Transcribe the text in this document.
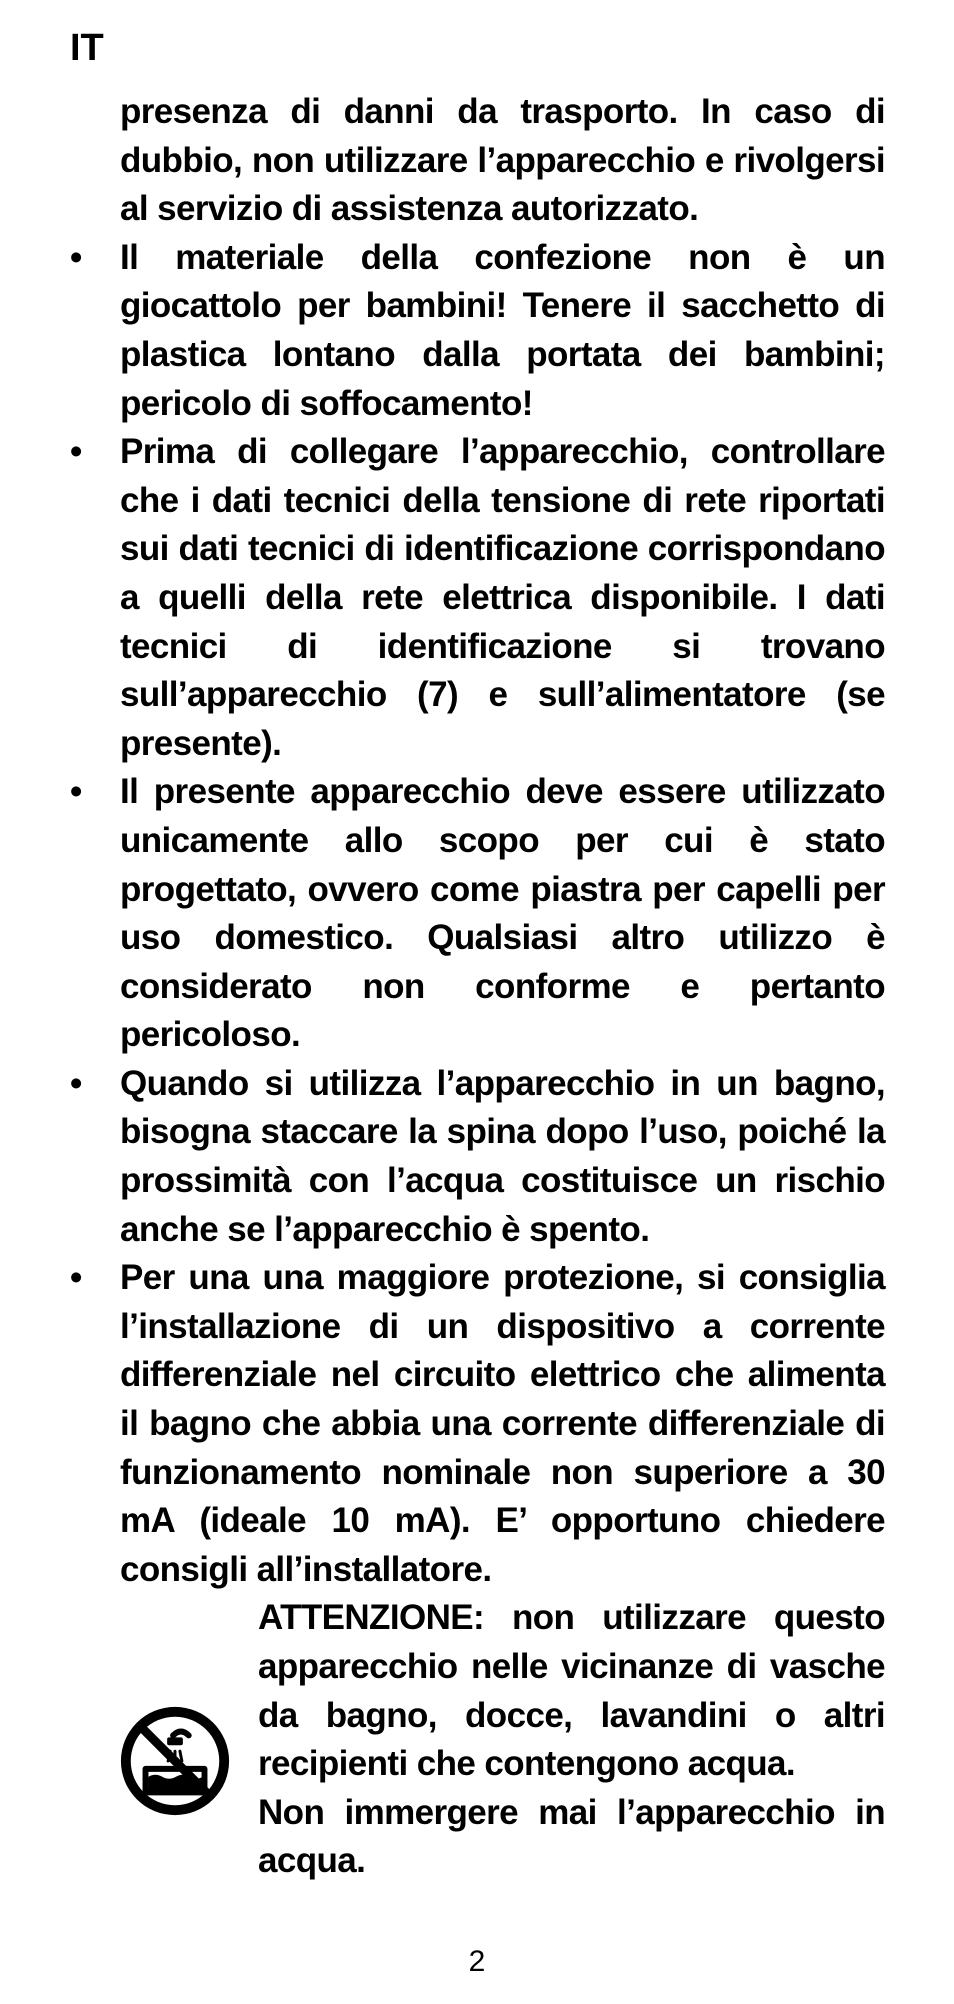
IT

presenza di danni da trasporto. In caso di dubbio, non utilizzare l’apparecchio e rivolgersi al servizio di assistenza autorizzato.

• Il materiale della confezione non è un giocattolo per bambini! Tenere il sacchetto di plastica lontano dalla portata dei bambini; pericolo di soffocamento!
• Prima di collegare l’apparecchio, controllare che i dati tecnici della tensione di rete riportati sui dati tecnici di identificazione corrispondano a quelli della rete elettrica disponibile. I dati tecnici di identificazione si trovano sull’apparecchio (7) e sull’alimentatore (se presente).
• Il presente apparecchio deve essere utilizzato unicamente allo scopo per cui è stato progettato, ovvero come piastra per capelli per uso domestico. Qualsiasi altro utilizzo è considerato non conforme e pertanto pericoloso.
• Quando si utilizza l’apparecchio in un bagno, bisogna staccare la spina dopo l’uso, poiché la prossimità con l’acqua costituisce un rischio anche se l’apparecchio è spento.
• Per una una maggiore protezione, si consiglia l’installazione di un dispositivo a corrente differenziale nel circuito elettrico che alimenta il bagno che abbia una corrente differenziale di funzionamento nominale non superiore a 30 mA (ideale 10 mA). E’ opportuno chiedere consigli all’installatore.

ATTENZIONE: non utilizzare questo apparecchio nelle vicinanze di vasche da bagno, docce, lavandini o altri recipienti che contengono acqua.

Non immergere mai l’apparecchio in acqua.

2
